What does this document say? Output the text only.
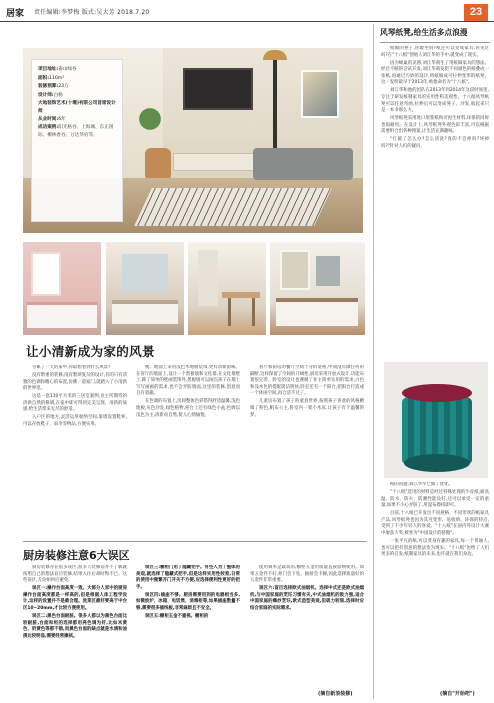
居家 责任编辑:李梦梅 版式:吴大芳 2018.7.20	23
项目地址:泰山绿谷
面积:110m²
装修预算:23万
设计师:白杨
大地装饰艺术(十堰)有限公司首席设计师
从业时间:6年
成功案例:阳光格谷、上海城、东正国际、柳林香谷、万达华府等。
让小清新成为家的风景

劳累了一天的家中,你最想看到什么风景?

没有繁重的装修,没有繁琐复杂的设计,有的只有清雅的色调和精心的布置,仿佛一道家门,就踏入了小清新的世界里。

这是一套110平方米的三居室案例,业主所期待的清新自然的格调,在家中即可得到完美呈现。清新的质感,给生活带来无尽的舒适。

入户区的地方,灵活运用收纳空间,靠墙设置鞋柜,可以存放鞋子、雨伞等物品,方便实用。

便。地面上采用浅色木地板装饰,更有清新韵味。在客厅的墙面上,设计一个黑板墙和文化墙,在文化墙壁上,除了简单的壁画装饰外,黑板墙可以画点孩子在墙上写写画画的需求,也不会弄脏墙面,这里的装修,创意而且有童趣。

在色调的布置上,房间整体色彩搭得舒适温馨,浅色地板,灰色沙发,绿色植物,柜台上还有绿色小盆,色调以浅色为主,清新而自然,使人心情愉悦。

客厅和厨房的餐厅空间十分的宽裕,中间没有做任何的隔断,这样保留了空间的开阔性,厨房采用开放式设计,功能布置很完善。卧室的设计也遵循了业主简单实用的需求,白色和浅木色的搭配简洁明快,卧室还有一个阳台,把阳台打造成一个休闲空间,再合适不过了。

儿童房布置了孩子的童真世界,按照孩子喜欢的风格精细了粉色,帆布公主,卧室内一架小木床,让孩子有个温馨的梦。

厨房装修注意6大误区

厨房装修存在很多误区,很多人装修前并不了解就按照自己的想法盲目装修,结果入住后却时悔不已。这些误区,无论如何应避免。

误区一:操作台面高度一致。大部分人家中的厨房操作台面高度都是一样高的,但是根据人体工程学设计,这样的设置并不是最合理。洗菜区最好要高于中台区10~20mm,才比较方便使用。

误区二:黑色台面耐脏。很多人都以为黑色台面比较耐脏,台面和柜的选择都用亮色调为好,比如米黄色、奶黄色等都不错,而黑色台面的缺点就是水渍和油渍比较明显,需要经常擦拭。

误区三:橱柜门用了隐藏把手。有些人为了整体的美观,就选择了隐藏式把手,但是这样实用性较差,日常的使用中频繁开门开关不方便,应选择便利性更好的把手。

误区四:插座不够。厨房需要用到的电器相当多,如微波炉、冰箱、电饭煲、消毒柜等,如果插座数量不够,需要很多插线板,非常麻烦且不安全。

误区五:橱柜五金不重视。橱柜的

使用频率是最高的,橱柜五金的质量直接影响使用。如果五金件不好,柜门会下坠、抽屉会卡顿,因此选择质量好的五金件非常重要。

误区六:盲目选择欧式油烟机。选择中式还是欧式油烟机,与中国家庭的烹饪习惯有关,中式油烟机的吸力强,适合中国家庭的爆炒烹饪,欧式造型美观,但吸力较弱,选择时应结合家庭的实际需求。

(摘自新浪装修)
风琴纸凳,给生活多点浪漫

纸做的凳子,你敢坐吗?纸还可以变成家具,你见过吗?在"十八纸"创始人刘江华的手中,就变成了现实。

因为蜂巢的灵感,刘江华萌生了用纸做家具的想法。经过不断的尝试开发,刘江华萌发把不同颜色的纸叠成一张纸,再通过巧妙的设计,将纸做成可拉伸变形的纸凳。这一发明最早于2013年,被他命名为"十八纸"。

刘江华和他的团队在2013年到2014年这段时间里,专注于研发纸制家具的实用性和美观性。十八纸风琴纸凳可以任意弯曲,拉伸后可以变成凳子、沙发,收起来只是一本书那么大。

风琴纸凳采用进口原浆纸和可再生材料,环保的同时也很耐用。在设计上,风琴纸凳外观色彩丰富,可以根据需要组合出各种图案,让生活充满趣味。

"打破了怎么办?怎么清洗?真的不会掉吗?坏掉吗?"针对人们的疑问,

纸的问题,刘江华早已做了优化。

"十八纸"选用的材料是经过特殊处理的牛皮纸,耐高温、防水、防火、防潮性能良好,还可以承受一定的重量,如果不小心弄脏了,用湿布擦拭即可。

目前,十八纸已开发出不同规格、不同形状的纸家具产品,风琴纸凳也因为其可变形、易收纳、环保的特点,受到了不少年轻人的喜爱。"十八纸"在国内外设计大赛中屡获大奖,被誉为"中国设计的骄傲"。

一张平凡的纸,可以变身有趣的家具,每一个普通人,也可以把有创意的想法变为现实。"十八纸"也给了人们更多的启发,纸制家具的未来,也许就在我们身边。

(摘自"开始吧")
